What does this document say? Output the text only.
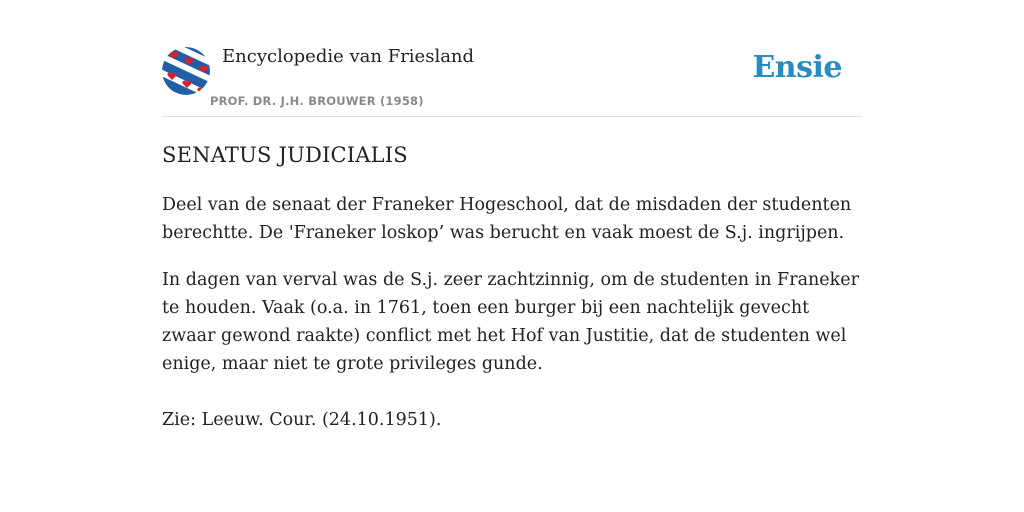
Encyclopedie van Friesland
PROF. DR. J.H. BROUWER (1958)
Ensie
SENATUS JUDICIALIS

Deel van de senaat der Franeker Hogeschool, dat de misdaden der studenten berechtte. De 'Franeker loskop’ was berucht en vaak moest de S.j. ingrijpen.

In dagen van verval was de S.j. zeer zachtzinnig, om de studenten in Franeker te houden. Vaak (o.a. in 1761, toen een burger bij een nachtelijk gevecht zwaar gewond raakte) conflict met het Hof van Justitie, dat de studenten wel enige, maar niet te grote privileges gunde.

Zie: Leeuw. Cour. (24.10.1951).
